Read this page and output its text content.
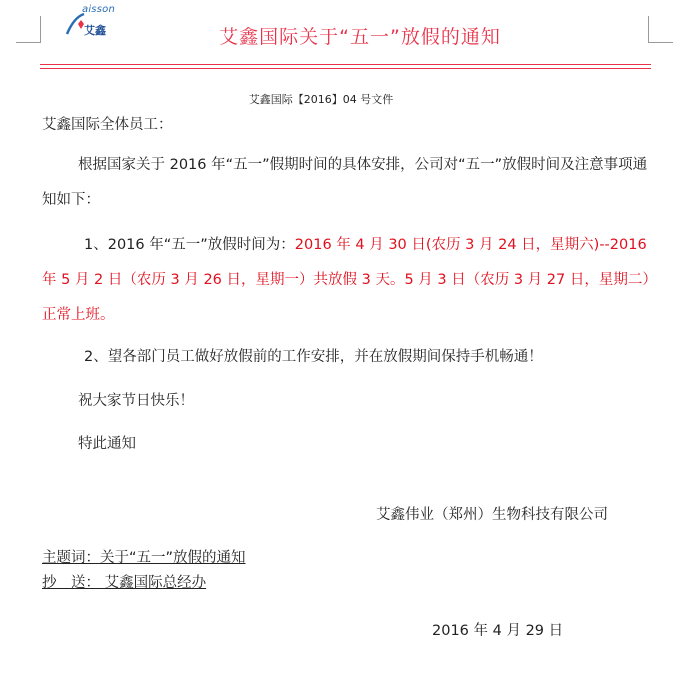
aisson
艾鑫	艾鑫国际关于“五一”放假的通知
艾鑫国际【2016】04 号文件
艾鑫国际全体员工：
根据国家关于 2016 年“五一”假期时间的具体安排，公司对“五一”放假时间及注意事项通知如下：
1、2016 年“五一”放假时间为：2016 年 4 月 30 日(农历 3 月 24 日，星期六)--2016 年 5 月 2 日（农历 3 月 26 日，星期一）共放假 3 天。5 月 3 日（农历 3 月 27 日，星期二）正常上班。
2、望各部门员工做好放假前的工作安排，并在放假期间保持手机畅通！
祝大家节日快乐！
特此通知
艾鑫伟业（郑州）生物科技有限公司
主题词：关于“五一”放假的通知
抄　送： 艾鑫国际总经办
2016 年 4 月 29 日
